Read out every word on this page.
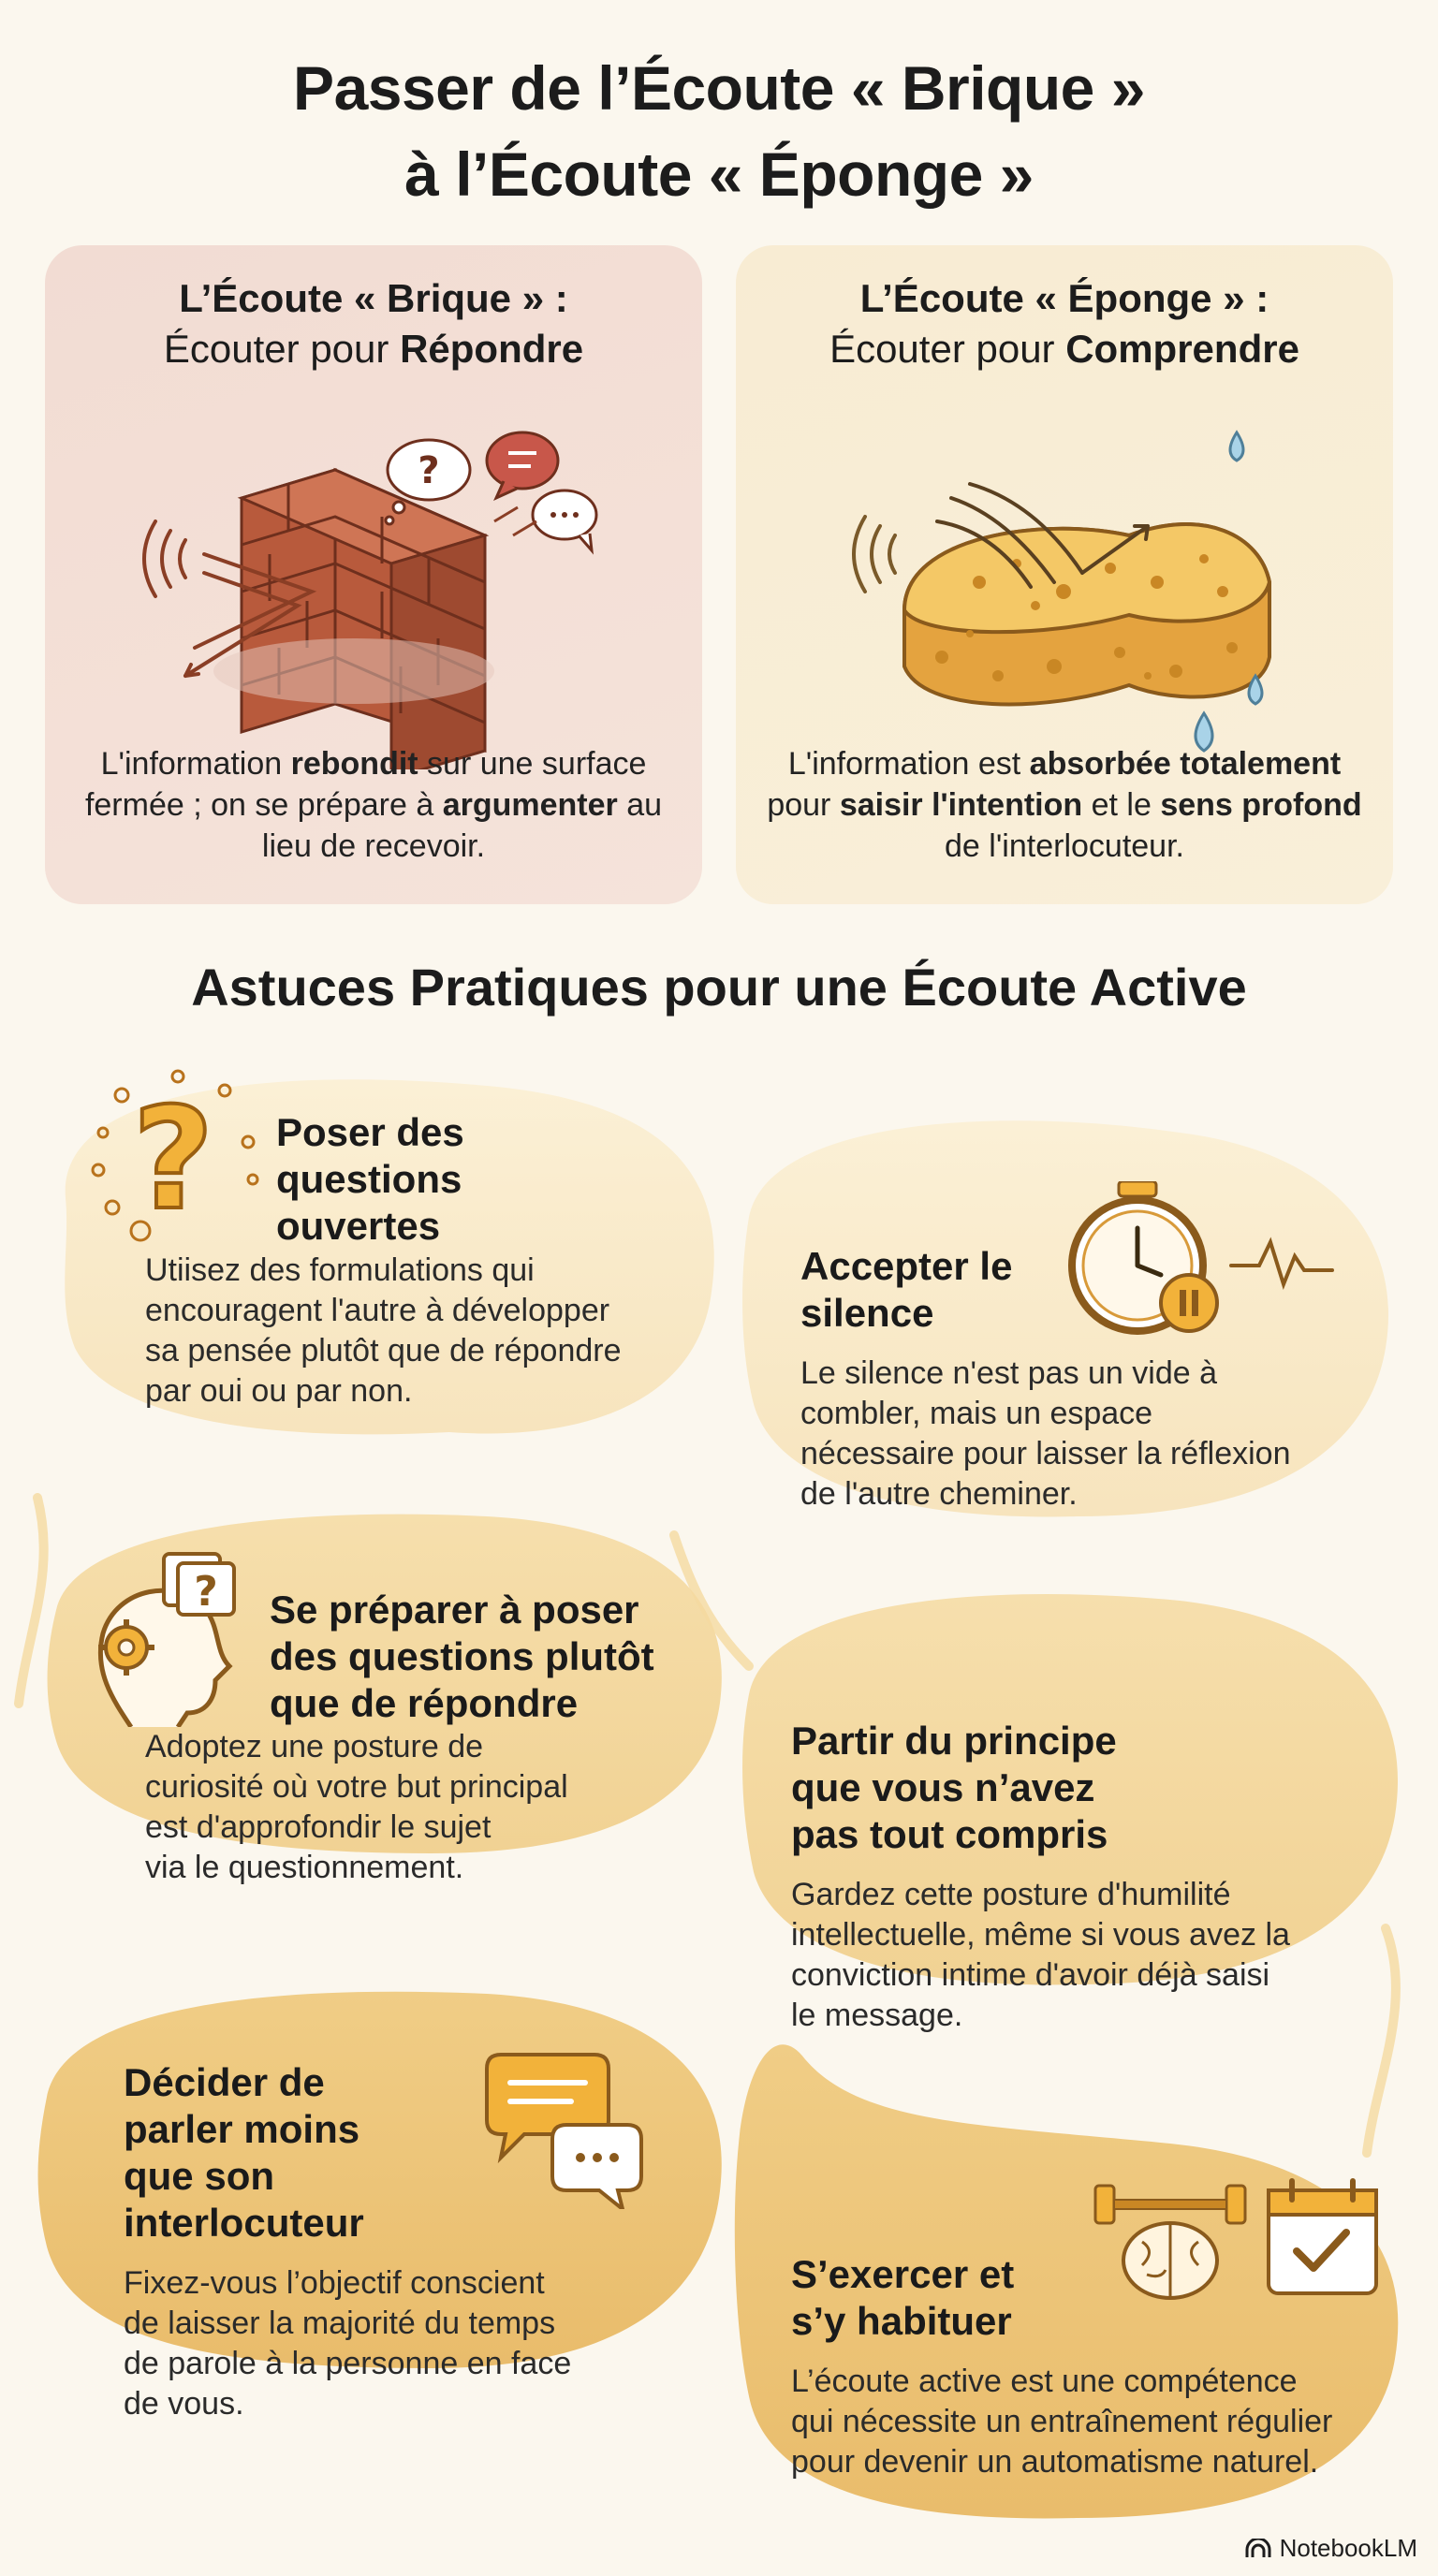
Passer de l’Écoute « Brique »
à l’Écoute « Éponge »
L’Écoute « Brique » :
Écouter pour Répondre
?
L'information rebondit sur une surface fermée ; on se prépare à argumenter au lieu de recevoir.
L’Écoute « Éponge » :
Écouter pour Comprendre
L'information est absorbée totalement pour saisir l'intention et le sens profond de l'interlocuteur.
Astuces Pratiques pour une Écoute Active
?
?
Poser des
questions
ouvertes
Utiisez des formulations qui
encouragent l'autre à développer
sa pensée plutôt que de répondre
par oui ou par non.
Accepter le
silence
Le silence n'est pas un vide à
combler, mais un espace
nécessaire pour laisser la réflexion
de l'autre cheminer.
Se préparer à poser
des questions plutôt
que de répondre
Adoptez une posture de
curiosité où votre but principal
est d'approfondir le sujet
via le questionnement.
Partir du principe
que vous n’avez
pas tout compris
Gardez cette posture d'humilité
intellectuelle, même si vous avez la
conviction intime d'avoir déjà saisi
le message.
Décider de
parler moins
que son
interlocuteur
Fixez-vous l’objectif conscient
de laisser la majorité du temps
de parole à la personne en face
de vous.
S’exercer et
s’y habituer
L’écoute active est une compétence
qui nécessite un entraînement régulier
pour devenir un automatisme naturel.
NotebookLM
